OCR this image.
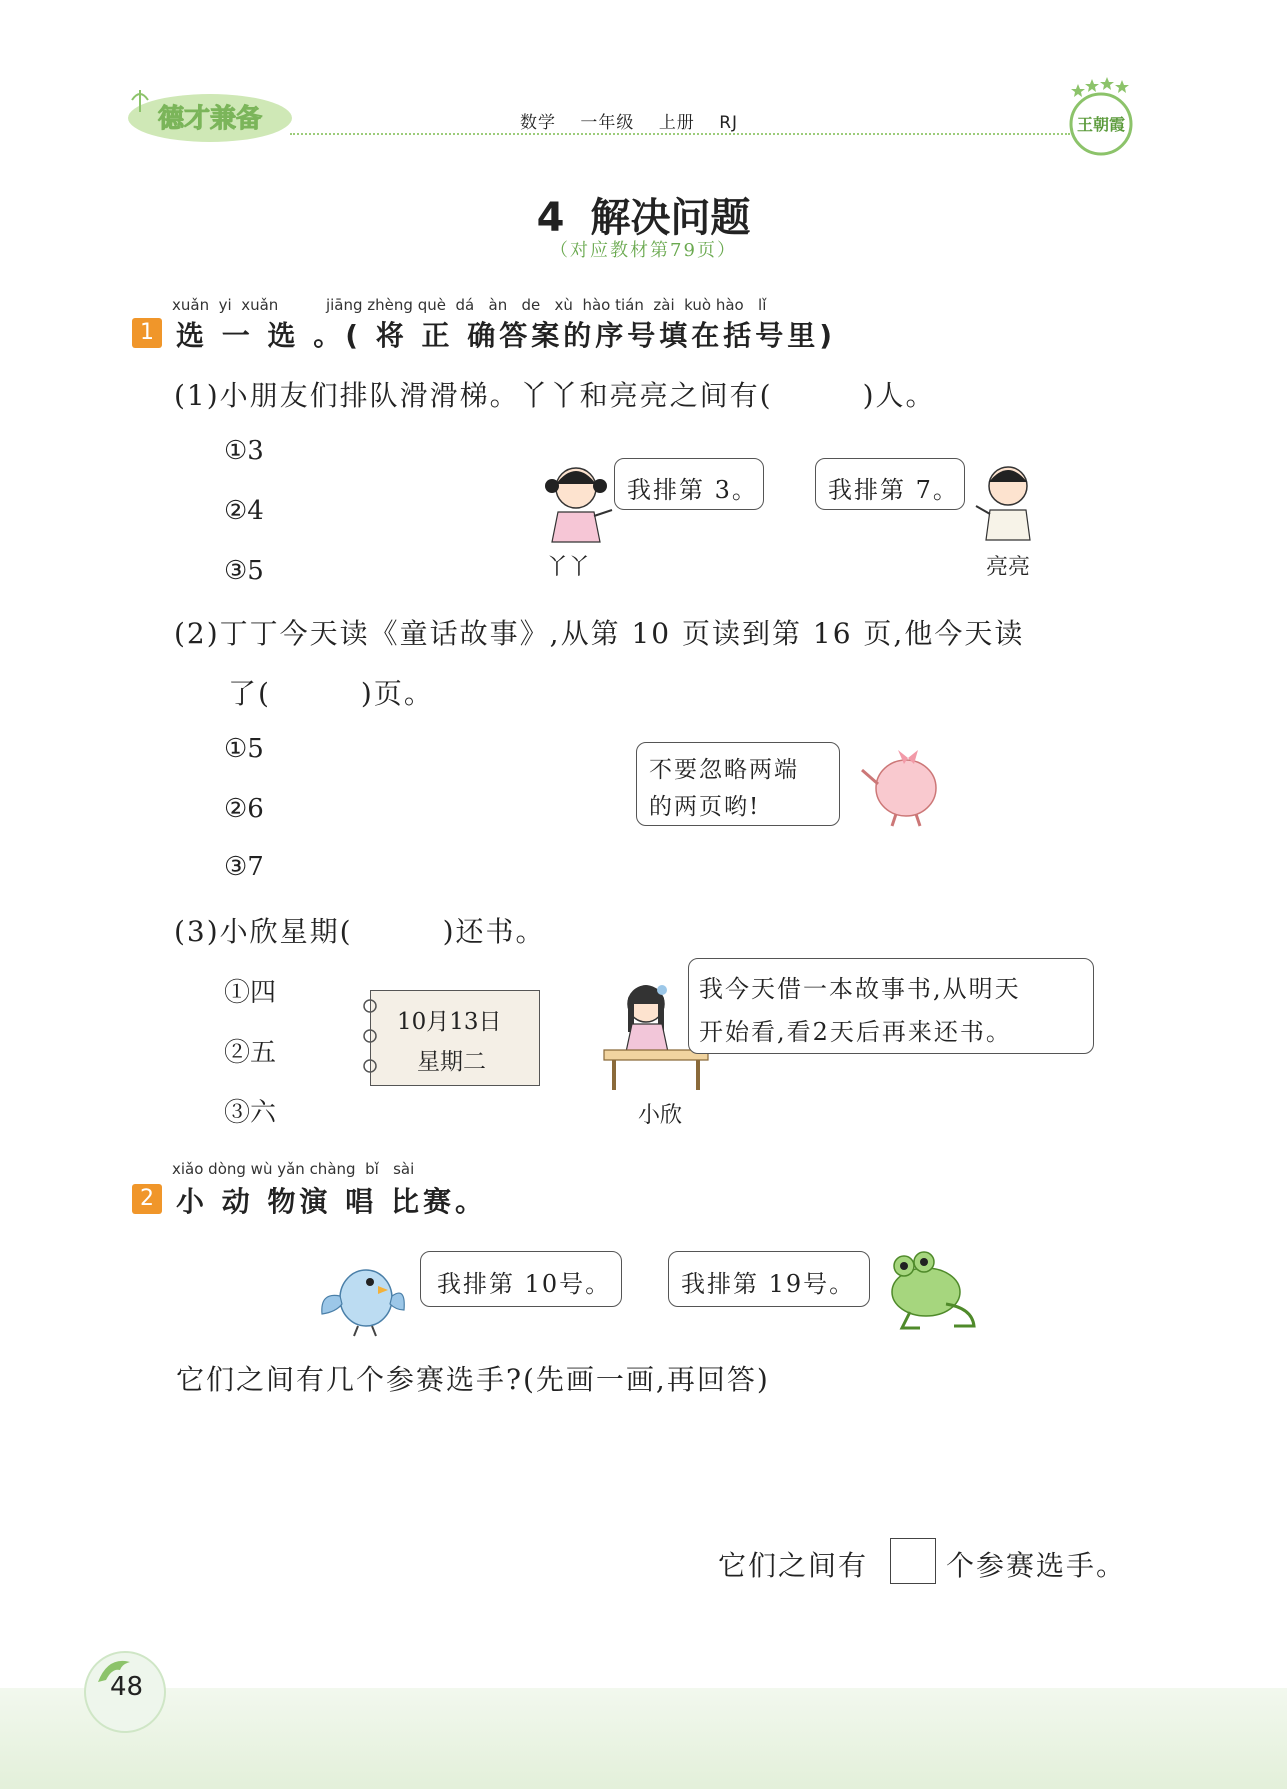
德才兼备	数学 一年级 上册 RJ	王朝霞
4 解决问题
（对应教材第79页）
xuǎn  yi  xuǎn          jiāng zhèng què  dá   àn   de   xù  hào tián  zài  kuò hào   lǐ
1 选 一 选 。( 将 正 确答案的序号填在括号里)
(1)小朋友们排队滑滑梯。丫丫和亮亮之间有(　　　)人。
①3
②4
③5
我排第 3。
丫丫
我排第 7。
亮亮
(2)丁丁今天读《童话故事》,从第 10 页读到第 16 页,他今天读
了(　　　)页。
①5
②6
③7
不要忽略两端
的两页哟!
(3)小欣星期(　　　)还书。
①四
②五
③六
10月13日
星期二
小欣
我今天借一本故事书,从明天
开始看,看2天后再来还书。
xiǎo dòng wù yǎn chàng  bǐ   sài
2 小 动 物演 唱 比赛。
我排第 10号。	我排第 19号。
它们之间有几个参赛选手?(先画一画,再回答)
它们之间有	个参赛选手。
48
